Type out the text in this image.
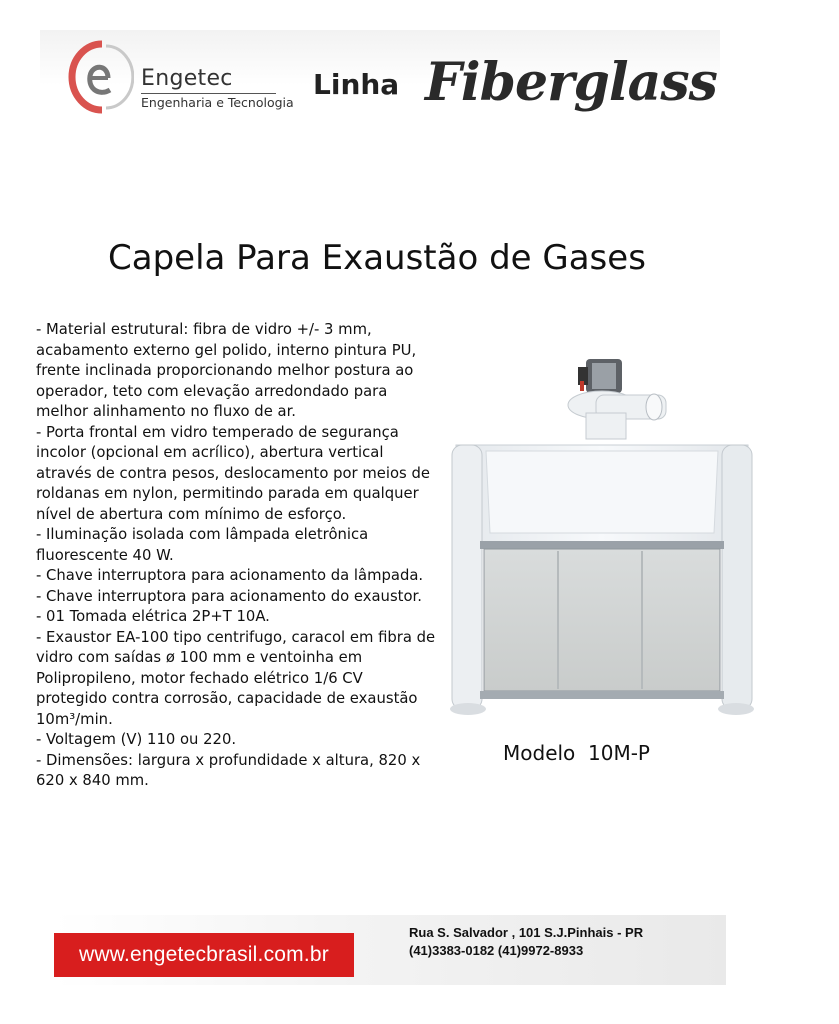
Engetec
Engenharia e Tecnologia
Linha Fiberglass
Capela Para Exaustão de Gases
- Material estrutural: fibra de vidro +/- 3 mm, acabamento externo gel polido, interno pintura PU, frente inclinada proporcionando melhor postura ao operador, teto com elevação arredondado para melhor alinhamento no fluxo de ar.
- Porta frontal em vidro temperado de segurança incolor (opcional em acrílico), abertura vertical através de contra pesos, deslocamento por meios de roldanas em nylon, permitindo parada em qualquer nível de abertura com mínimo de esforço.
- Iluminação isolada com lâmpada eletrônica fluorescente 40 W.
- Chave interruptora para acionamento da lâmpada.
- Chave interruptora para acionamento do exaustor.
- 01 Tomada elétrica 2P+T 10A.
- Exaustor EA-100 tipo centrifugo, caracol em fibra de vidro com saídas ø 100 mm e ventoinha em Polipropileno, motor fechado elétrico 1/6 CV protegido contra corrosão, capacidade de exaustão 10m³/min.
- Voltagem (V) 110 ou 220.
- Dimensões: largura x profundidade x altura, 820 x 620 x 840 mm.
Modelo  10M-P
www.engetecbrasil.com.br
Rua S. Salvador , 101 S.J.Pinhais - PR
(41)3383-0182 (41)9972-8933
